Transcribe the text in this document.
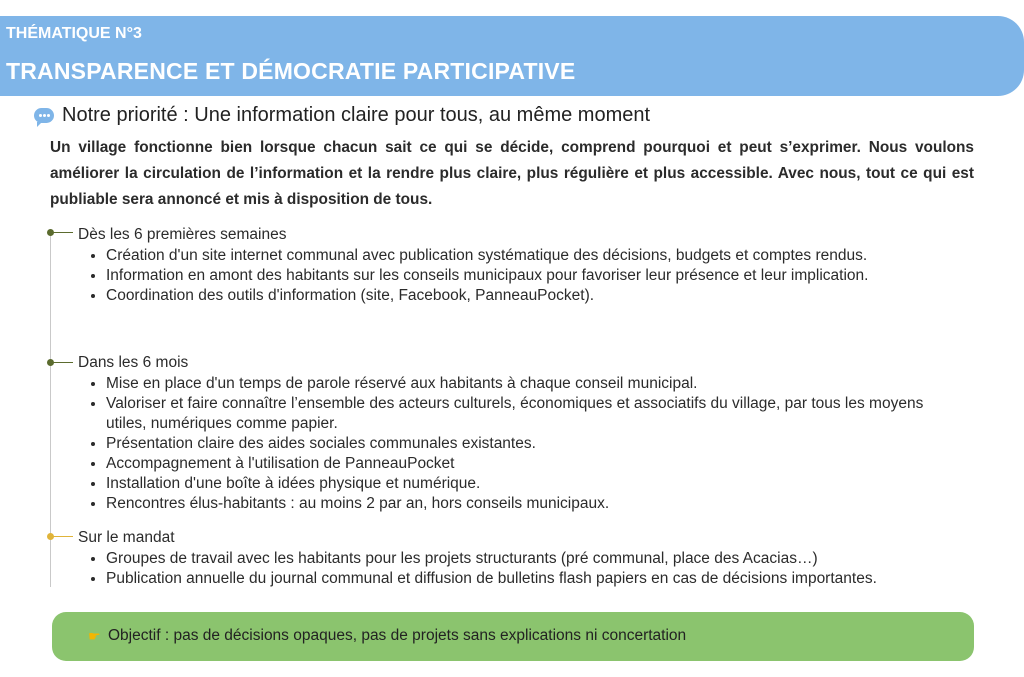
THÉMATIQUE N°3
TRANSPARENCE ET DÉMOCRATIE PARTICIPATIVE
Notre priorité : Une information claire pour tous, au même moment
Un village fonctionne bien lorsque chacun sait ce qui se décide, comprend pourquoi et peut s’exprimer. Nous voulons améliorer la circulation de l’information et la rendre plus claire, plus régulière et plus accessible. Avec nous, tout ce qui est publiable sera annoncé et mis à disposition de tous.
Dès les 6 premières semaines
• Création d'un site internet communal avec publication systématique des décisions, budgets et comptes rendus.
• Information en amont des habitants sur les conseils municipaux pour favoriser leur présence et leur implication.
• Coordination des outils d'information (site, Facebook, PanneauPocket).
Dans les 6 mois
• Mise en place d'un temps de parole réservé aux habitants à chaque conseil municipal.
• Valoriser et faire connaître l’ensemble des acteurs culturels, économiques et associatifs du village, par tous les moyens utiles, numériques comme papier.
• Présentation claire des aides sociales communales existantes.
• Accompagnement à l'utilisation de PanneauPocket
• Installation d'une boîte à idées physique et numérique.
• Rencontres élus-habitants : au moins 2 par an, hors conseils municipaux.
Sur le mandat
• Groupes de travail avec les habitants pour les projets structurants (pré communal, place des Acacias…)
• Publication annuelle du journal communal et diffusion de bulletins flash papiers en cas de décisions importantes.
☛ Objectif : pas de décisions opaques, pas de projets sans explications ni concertation
